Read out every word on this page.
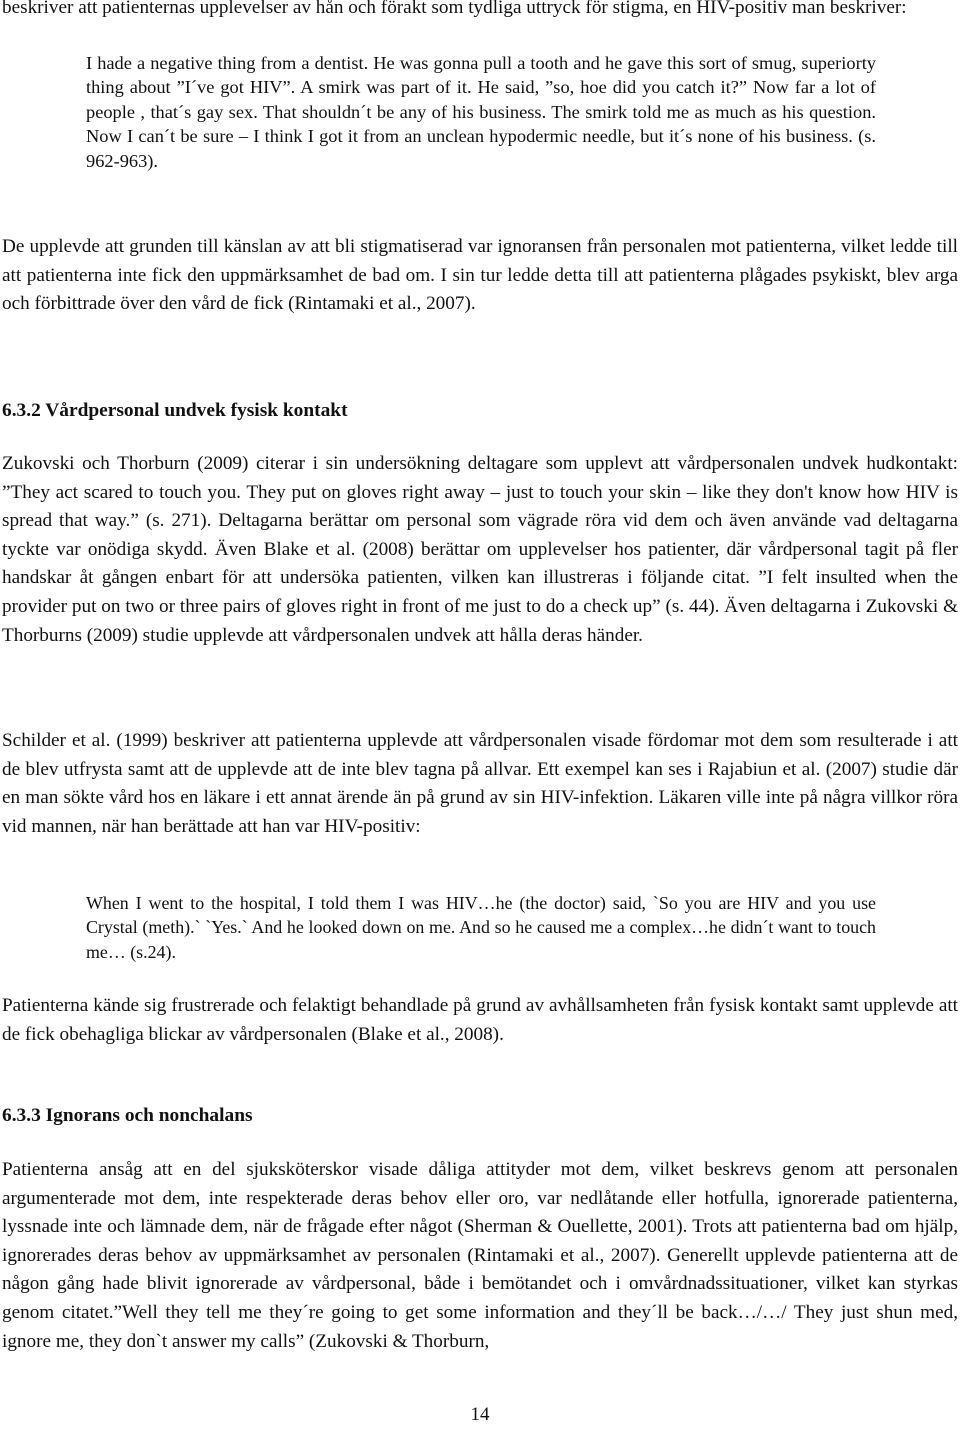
beskriver att patienternas upplevelser av hån och förakt som tydliga uttryck för stigma, en HIV-positiv man beskriver:

I hade a negative thing from a dentist. He was gonna pull a tooth and he gave this sort of smug, superiorty thing about ”I´ve got HIV”. A smirk was part of it. He said, ”so, hoe did you catch it?” Now far a lot of people , that´s gay sex. That shouldn´t be any of his business. The smirk told me as much as his question. Now I can´t be sure – I think I got it from an unclean hypodermic needle, but it´s none of his business. (s. 962-963).

De upplevde att grunden till känslan av att bli stigmatiserad var ignoransen från personalen mot patienterna, vilket ledde till att patienterna inte fick den uppmärksamhet de bad om. I sin tur ledde detta till att patienterna plågades psykiskt, blev arga och förbittrade över den vård de fick (Rintamaki et al., 2007).

6.3.2 Vårdpersonal undvek fysisk kontakt

Zukovski och Thorburn (2009) citerar i sin undersökning deltagare som upplevt att vårdpersonalen undvek hudkontakt: ”They act scared to touch you. They put on gloves right away – just to touch your skin – like they don't know how HIV is spread that way.” (s. 271). Deltagarna berättar om personal som vägrade röra vid dem och även använde vad deltagarna tyckte var onödiga skydd. Även Blake et al. (2008) berättar om upplevelser hos patienter, där vårdpersonal tagit på fler handskar åt gången enbart för att undersöka patienten, vilken kan illustreras i följande citat. ”I felt insulted when the provider put on two or three pairs of gloves right in front of me just to do a check up” (s. 44). Även deltagarna i Zukovski & Thorburns (2009) studie upplevde att vårdpersonalen undvek att hålla deras händer.

Schilder et al. (1999) beskriver att patienterna upplevde att vårdpersonalen visade fördomar mot dem som resulterade i att de blev utfrysta samt att de upplevde att de inte blev tagna på allvar. Ett exempel kan ses i Rajabiun et al. (2007) studie där en man sökte vård hos en läkare i ett annat ärende än på grund av sin HIV-infektion. Läkaren ville inte på några villkor röra vid mannen, när han berättade att han var HIV-positiv:

When I went to the hospital, I told them I was HIV…he (the doctor) said, `So you are HIV and you use Crystal (meth).` `Yes.` And he looked down on me. And so he caused me a complex…he didn´t want to touch me… (s.24).

Patienterna kände sig frustrerade och felaktigt behandlade på grund av avhållsamheten från fysisk kontakt samt upplevde att de fick obehagliga blickar av vårdpersonalen (Blake et al., 2008).

6.3.3 Ignorans och nonchalans

Patienterna ansåg att en del sjuksköterskor visade dåliga attityder mot dem, vilket beskrevs genom att personalen argumenterade mot dem, inte respekterade deras behov eller oro, var nedlåtande eller hotfulla, ignorerade patienterna, lyssnade inte och lämnade dem, när de frågade efter något (Sherman & Ouellette, 2001). Trots att patienterna bad om hjälp, ignorerades deras behov av uppmärksamhet av personalen (Rintamaki et al., 2007). Generellt upplevde patienterna att de någon gång hade blivit ignorerade av vårdpersonal, både i bemötandet och i omvårdnadssituationer, vilket kan styrkas genom citatet.”Well they tell me they´re going to get some information and they´ll be back…/…/ They just shun med, ignore me, they don`t answer my calls” (Zukovski & Thorburn,

14
